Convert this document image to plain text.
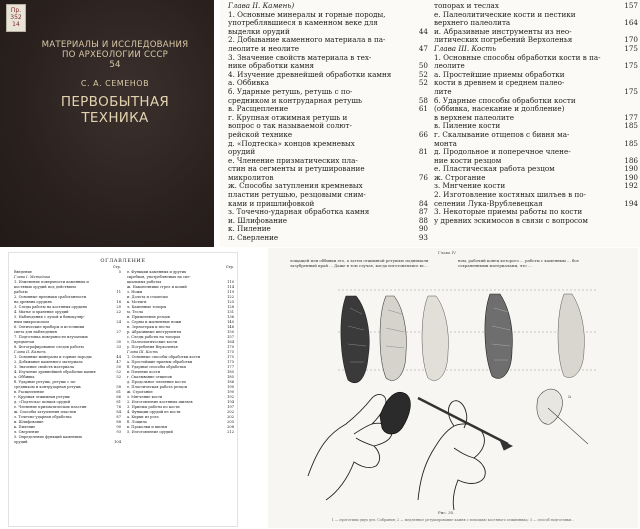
Пр. 352
14
МАТЕРИАЛЫ И ИССЛЕДОВАНИЯ
ПО АРХЕОЛОГИИ СССР
54
С. А. СЕМЕНОВ
ПЕРВОБЫТНАЯ ТЕХНИКА
Глава II. Камень)
1. Основные минералы и горные породы,
употреблявшиеся в каменном веке для
выделки орудий	44
2. Добывание каменного материала в па-
леолите и неолите	47
3. Значение свойств материала в тех-
нике обработки камня	50
4. Изучение древнейшей обработки камня	52
а. Оббивка	52
б. Ударные ретушь, ретушь с по-
средником и контрударная ретушь	58
в. Расщепление	61
г. Крупная отжимная ретушь и
вопрос о так называемой солют-
рейской технике	66
д. «Подтеска» концов кремневых
орудий	81
е. Членение призматических пла-
стин на сегменты и ретуширование
микролитов	76
ж. Способы затупления кремневых
пластин ретушью, резцовыми сним-
ками и пришлифовкой	84
з. Точечно-ударная обработка камня	87
и. Шлифование	88
к. Пиление	90
л. Сверление	93
топорах и теслах	157
е. Палеолитические кости и пестики
верхнего палеолита	164
и. Абразивные инструменты из нео-
литических погребений Верхоленья	170
Глава III. Кость	175
1. Основные способы обработки кости в па-
леолите	175
а. Простейшие приемы обработки
кости в древнем и среднем палео-
лите	175
б. Ударные способы обработки кости
(оббивка, насекание и долбление)
в верхнем палеолите	177
в. Пиление кости	185
г. Скалывание отщепов с бивня ма-
монта	185
д. Продольное и поперечное члене-
ние кости резцом	186
е. Пластическая работа резцом	190
ж. Строгание	190
з. Мнгчение кости	192
2. Изготовление костяных шилъев в по-
селении Лука-Врублевецкая	194
3. Некоторые приемы работы по кости
у древних эскимосов в связи с вопросом
ОГЛАВЛЕНИЕ
Стр.
Введение	5
Глава I. Методика
1. Изменение поверхности каменных и
костяных орудий под действием
работы	11
2. Основные признаки сработанности
на древних орудиях	16
3. Следы работы на костяных орудиях	20
4. Мытье и хранение орудий	22
5. Наблюдения с лупой и бинокуляр-
ным микроскопом	24
6. Оптические приборы и источники
света для наблюдения	27
7. Подготовка поверхности изучаемых
предметов	30
8. Фотографирование следов работы	33
Глава II. Камень
1. Основные минералы и горные породы	44
2. Добывание каменного материала	47
3. Значение свойств материала	50
4. Изучение древнейшей обработки камня	52
а. Оббивка	52
б. Ударные ретушь, ретушь с по-
средником и контрударная ретушь	58
в. Расщепление	61
г. Крупная отжимная ретушь	66
д. «Подтеска» концов орудий	81
е. Членение призматических пластин	76
ж. Способы затупления пластин	84
з. Точечно-ударная обработка	87
и. Шлифование	88
к. Пиление	90
л. Сверление	93
5. Определение функций каменных
орудий	104
Стр.
е. Функции каменных и других
скребков, употребляемых на спе-
циальных работах	110
ж. Наконечники стрел и копий	114
з. Ножи	119
и. Долота и стамески	122
к. Мотыги	125
л. Каменные топоры	128
м. Тесла	131
н. Применение резцов	136
о. Серпы и жатвенные ножи	140
п. Зернотерки и песты	146
р. Абразивные инструменты	150
с. Следы работы на топорах	157
т. Палеолитические кости	164
у. Погребения Верхоленья	170
Глава III. Кость	175
1. Основные способы обработки кости	175
а. Простейшие приемы обработки	175
б. Ударные способы обработки	177
в. Пиление кости	185
г. Скалывание отщепов	185
д. Продольное членение кости	186
е. Пластическая работа резцом	190
ж. Строгание	190
з. Мягчение кости	192
2. Изготовление костяных шильев	194
3. Приемы работы по кости	197
4. Функции орудий из кости	202
а. Кирки из рога	202
б. Лощила	205
в. Проколки и шилья	208
5. Изготовление орудий	212
Глава IV
лощащей или оббивки его, а затем отжимной ретушью поднимали зазубренный край ... Даже в том случае, когда изготовлялись вс...
ном, рабочий конец которого ... работы с каменным ... бое сохраненными материалами, что ...
а
Рис. 35.
1 — прототипы двух дел. Собрания; 2 — медленное ретуширование камня с помощью костяного отжимника; 3 — способ подготовки...
